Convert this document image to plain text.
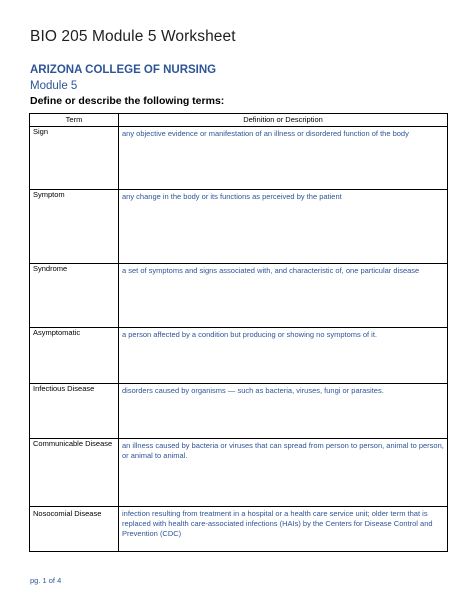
BIO 205 Module 5 Worksheet
ARIZONA COLLEGE OF NURSING
Module 5
Define or describe the following terms:
Term	Definition or Description
Sign	any objective evidence or manifestation of an illness or disordered function of the body
Symptom	any change in the body or its functions as perceived by the patient
Syndrome	a set of symptoms and signs associated with, and characteristic of, one particular disease
Asymptomatic	a person affected by a condition but producing or showing no symptoms of it.
Infectious Disease	disorders caused by organisms — such as bacteria, viruses, fungi or parasites.
Communicable Disease	an illness caused by bacteria or viruses that can spread from person to person, animal to person, or animal to animal.
Nosocomial Disease	infection resulting from treatment in a hospital or a health care service unit; older term that is replaced with health care-associated infections (HAIs) by the Centers for Disease Control and Prevention (CDC)
pg. 1 of 4
